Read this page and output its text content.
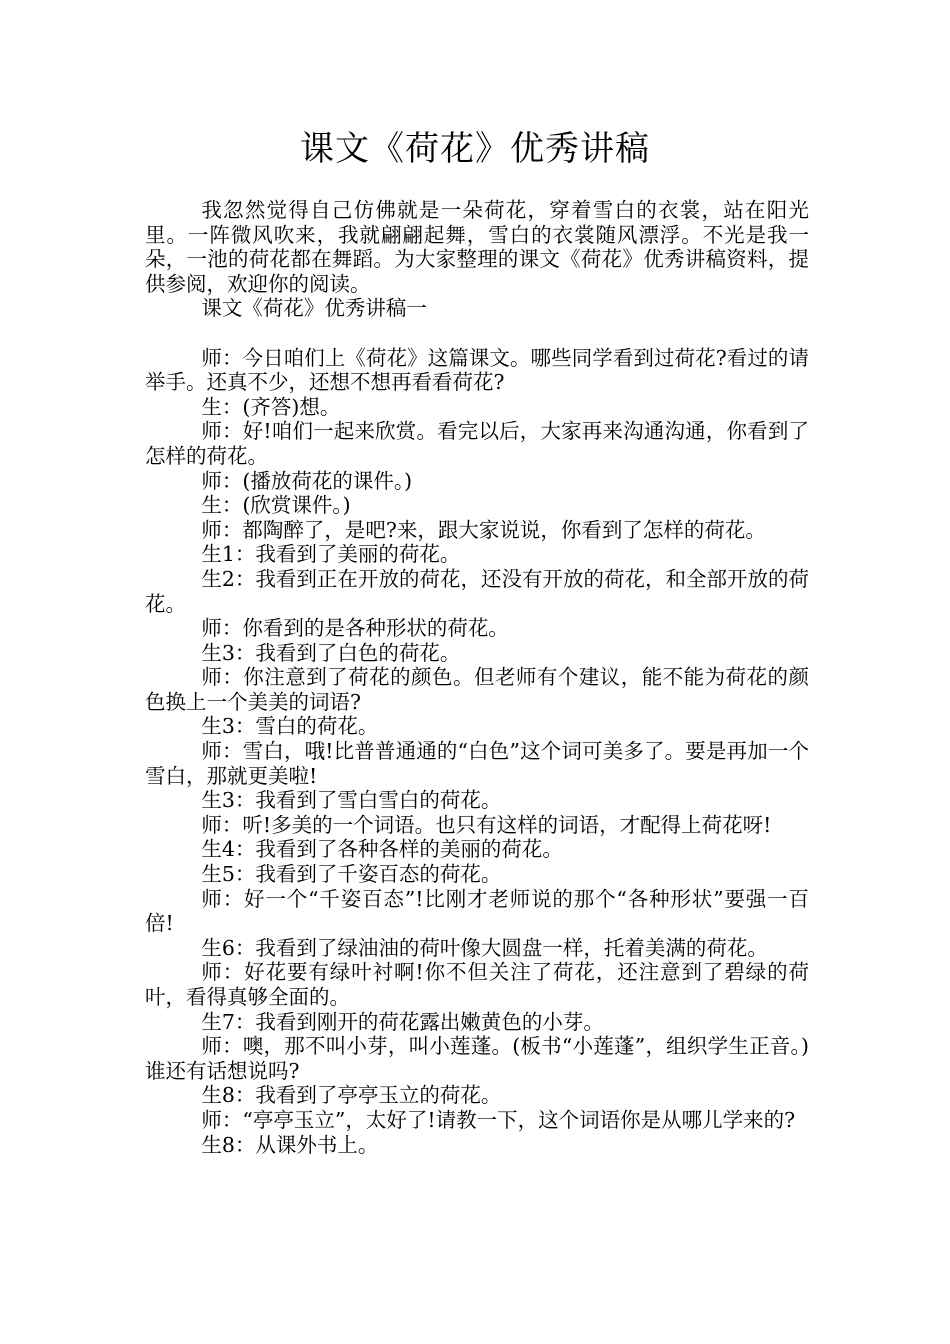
课文《荷花》优秀讲稿

我忽然觉得自己仿佛就是一朵荷花，穿着雪白的衣裳，站在阳光里。一阵微风吹来，我就翩翩起舞，雪白的衣裳随风漂浮。不光是我一朵，一池的荷花都在舞蹈。为大家整理的课文《荷花》优秀讲稿资料，提供参阅，欢迎你的阅读。

课文《荷花》优秀讲稿一

师：今日咱们上《荷花》这篇课文。哪些同学看到过荷花?看过的请举手。还真不少，还想不想再看看荷花?

生：(齐答)想。

师：好!咱们一起来欣赏。看完以后，大家再来沟通沟通，你看到了怎样的荷花。

师：(播放荷花的课件。)

生：(欣赏课件。)

师：都陶醉了，是吧?来，跟大家说说，你看到了怎样的荷花。

生1：我看到了美丽的荷花。

生2：我看到正在开放的荷花，还没有开放的荷花，和全部开放的荷花。

师：你看到的是各种形状的荷花。

生3：我看到了白色的荷花。

师：你注意到了荷花的颜色。但老师有个建议，能不能为荷花的颜色换上一个美美的词语?

生3：雪白的荷花。

师：雪白，哦!比普普通通的“白色”这个词可美多了。要是再加一个雪白，那就更美啦!

生3：我看到了雪白雪白的荷花。

师：听!多美的一个词语。也只有这样的词语，才配得上荷花呀!

生4：我看到了各种各样的美丽的荷花。

生5：我看到了千姿百态的荷花。

师：好一个“千姿百态”!比刚才老师说的那个“各种形状”要强一百倍!

生6：我看到了绿油油的荷叶像大圆盘一样，托着美满的荷花。

师：好花要有绿叶衬啊!你不但关注了荷花，还注意到了碧绿的荷叶，看得真够全面的。

生7：我看到刚开的荷花露出嫩黄色的小芽。

师：噢，那不叫小芽，叫小莲蓬。(板书“小莲蓬”，组织学生正音。)谁还有话想说吗?

生8：我看到了亭亭玉立的荷花。

师：“亭亭玉立”，太好了!请教一下，这个词语你是从哪儿学来的?

生8：从课外书上。
